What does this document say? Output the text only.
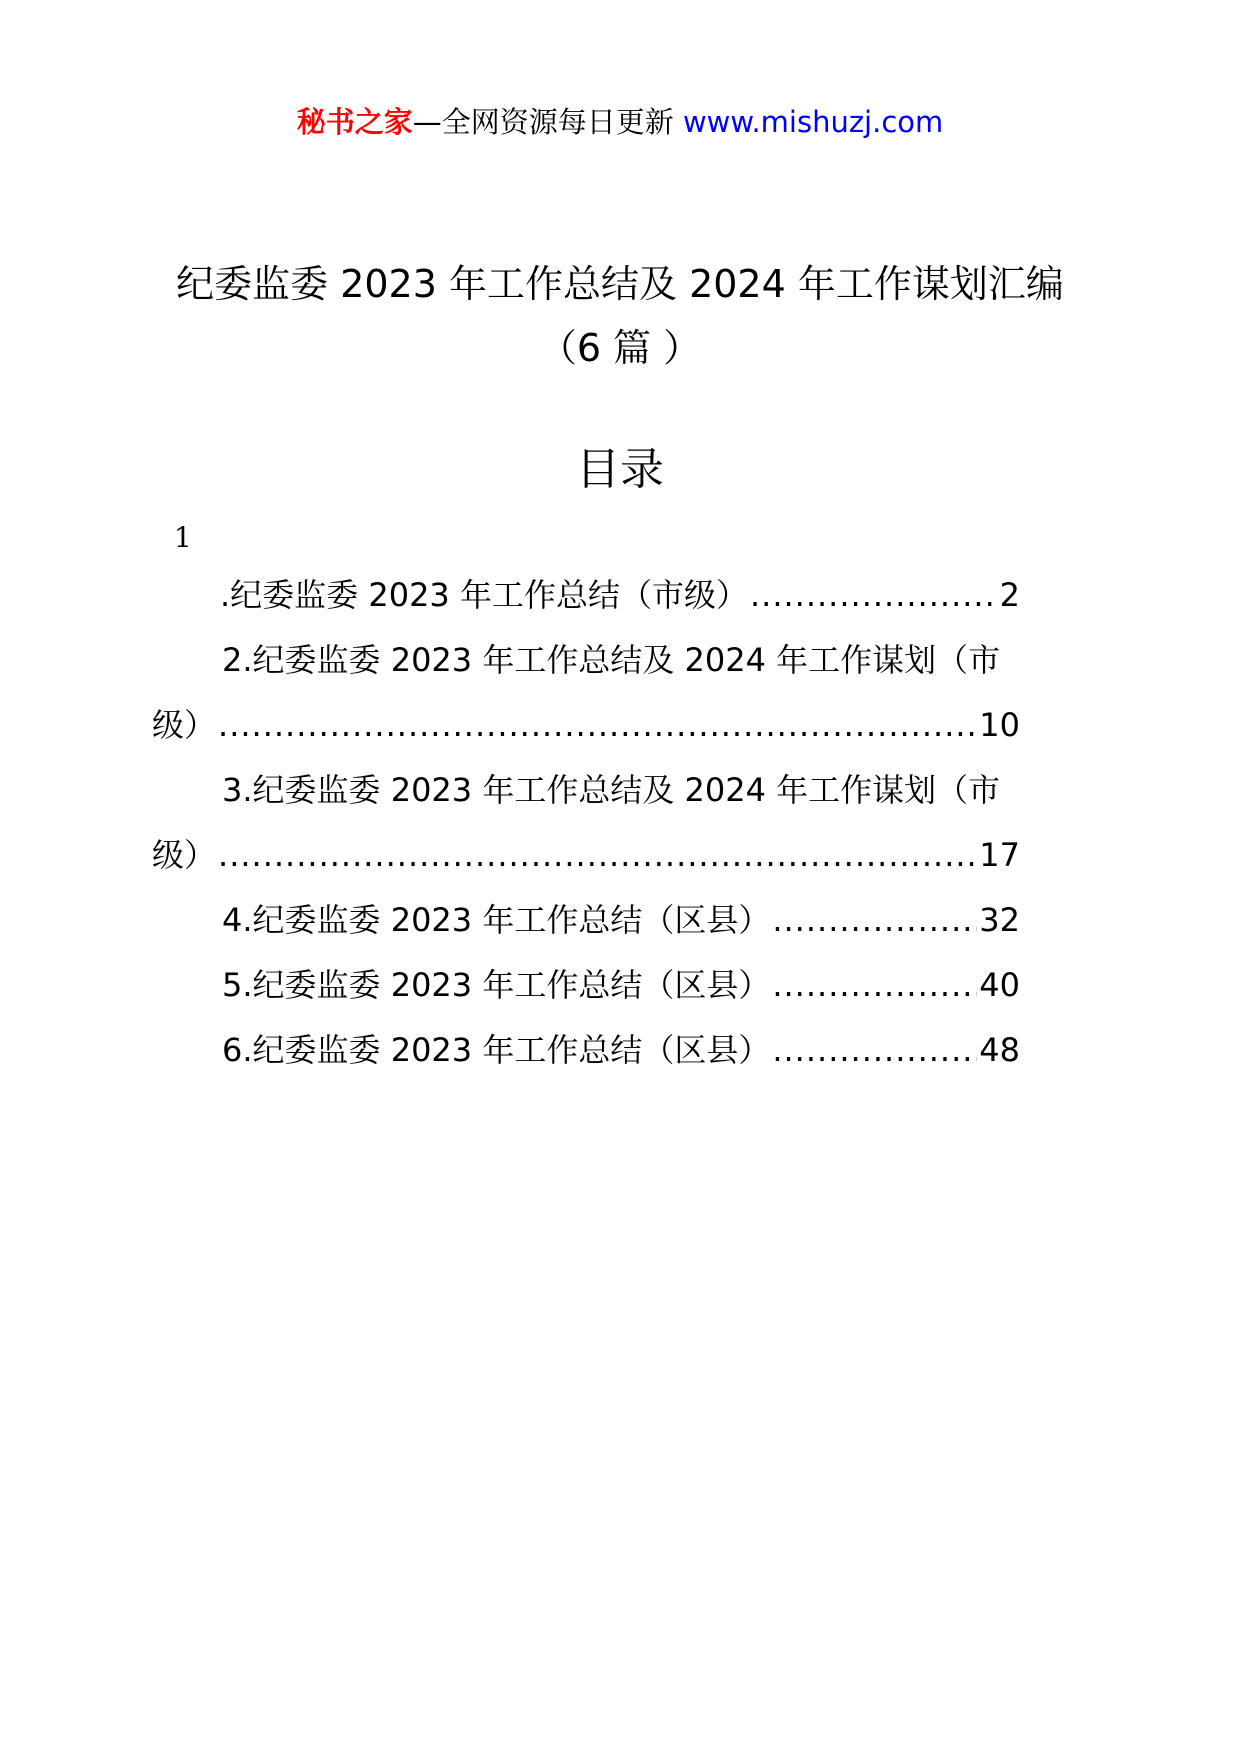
秘书之家—全网资源每日更新 www.mishuzj.com
纪委监委 2023 年工作总结及 2024 年工作谋划汇编
（6 篇 ）
目录
1
.纪委监委 2023 年工作总结（市级） .....	2
2.纪委监委 2023 年工作总结及 2024 年工作谋划（市
级） .....	10
3.纪委监委 2023 年工作总结及 2024 年工作谋划（市
级） .....	17
4.纪委监委 2023 年工作总结（区县） .....	32
5.纪委监委 2023 年工作总结（区县） .....	40
6.纪委监委 2023 年工作总结（区县） .....	48
